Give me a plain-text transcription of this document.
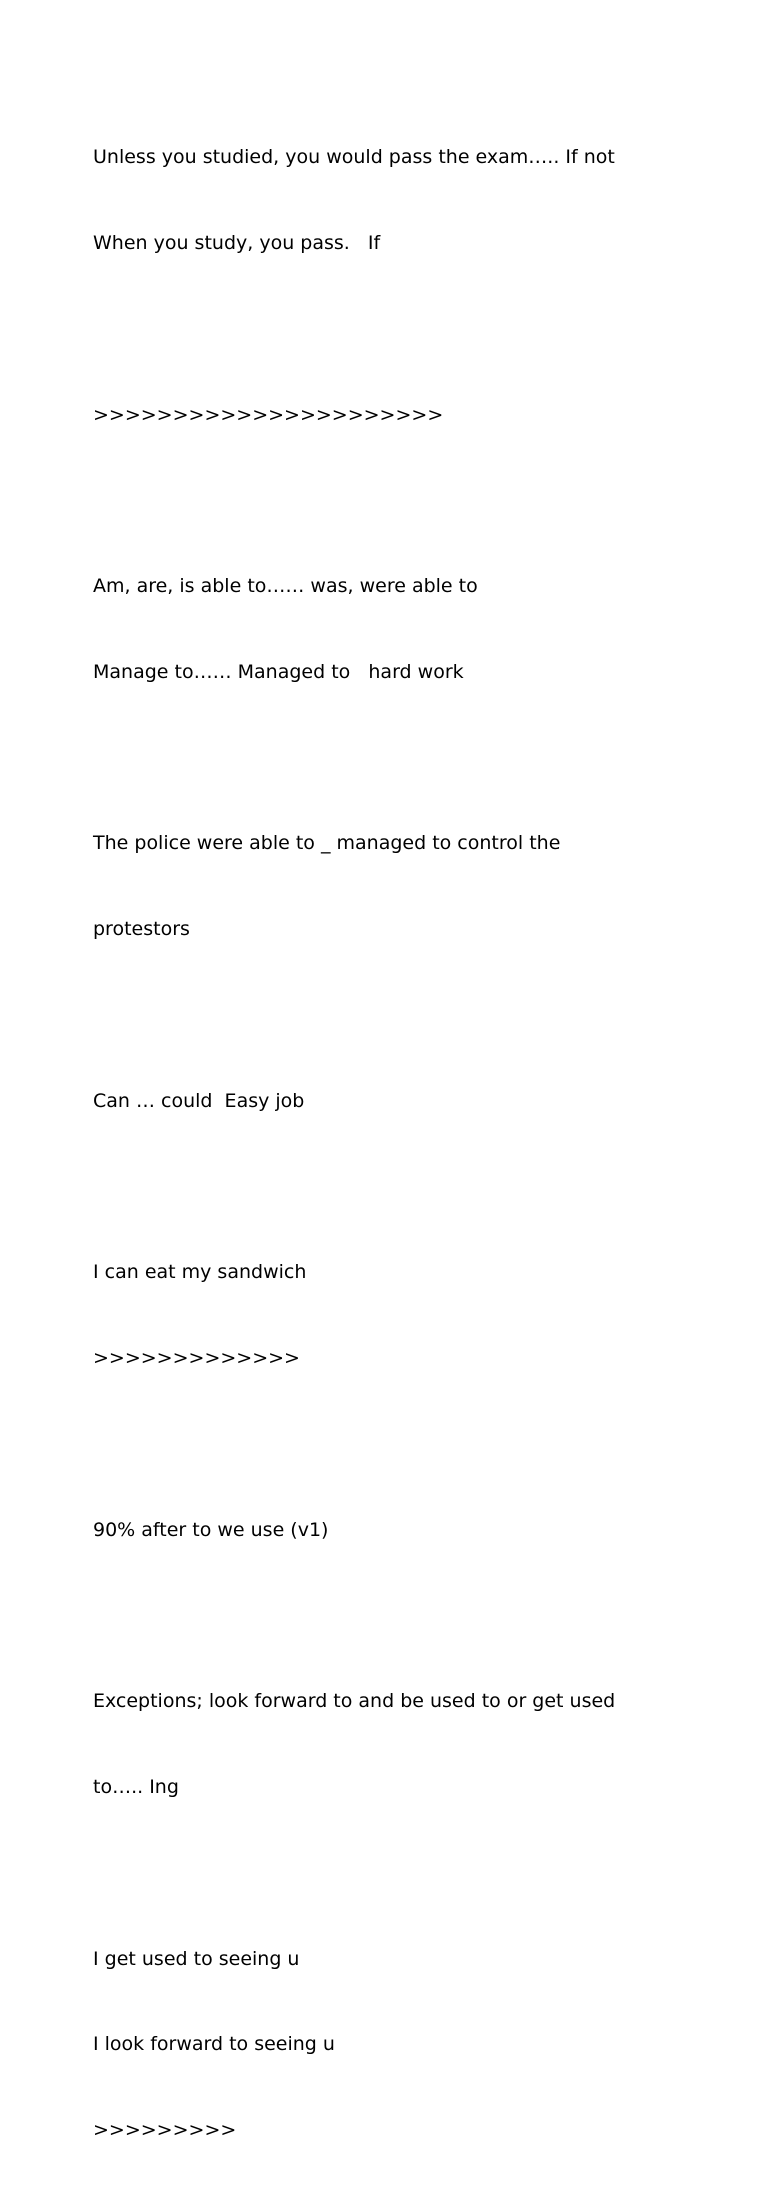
Unless you studied, you would pass the exam….. If not

When you study, you pass.   If

>>>>>>>>>>>>>>>>>>>>>>

Am, are, is able to…… was, were able to

Manage to…… Managed to   hard work

The police were able to _ managed to control the

protestors

Can … could  Easy job

I can eat my sandwich

>>>>>>>>>>>>>

90% after to we use (v1)

Exceptions; look forward to and be used to or get used

to….. Ing

I get used to seeing u

I look forward to seeing u

>>>>>>>>>
